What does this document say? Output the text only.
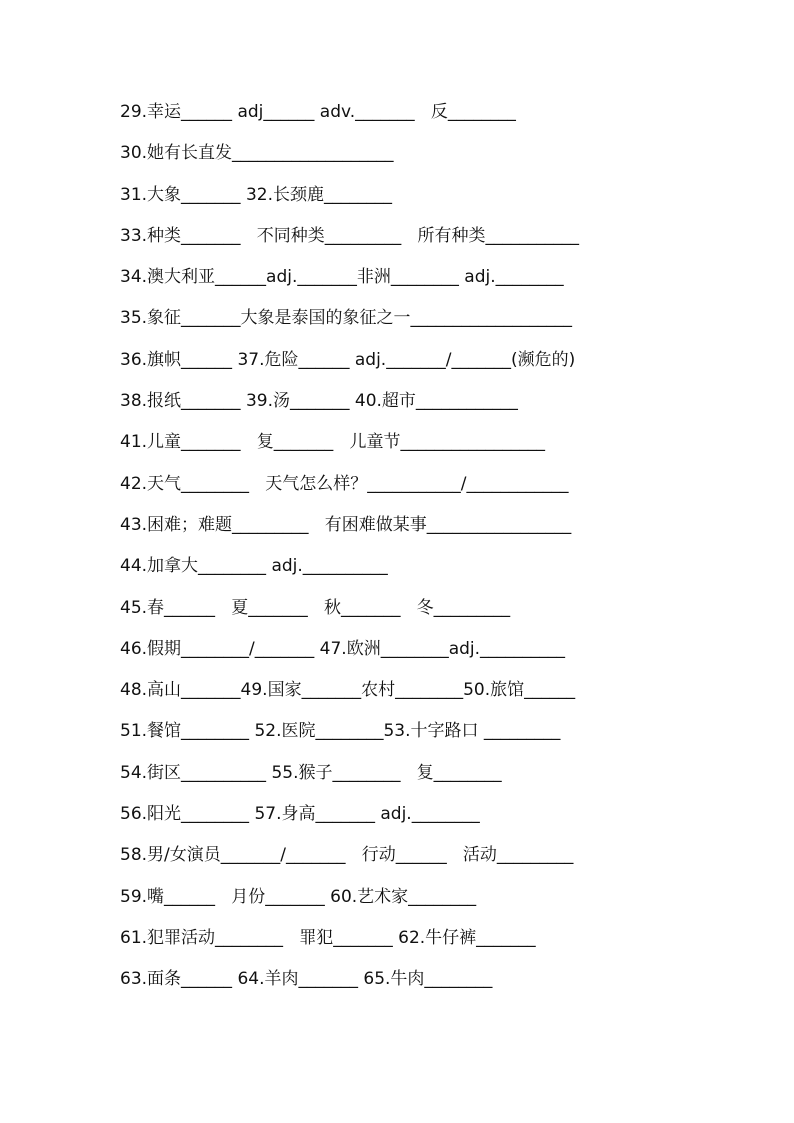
29.幸运______ adj______ adv._______   反________
30.她有长直发___________________
31.大象_______ 32.长颈鹿________
33.种类_______   不同种类_________   所有种类___________
34.澳大利亚______adj._______非洲________ adj.________
35.象征_______大象是泰国的象征之一___________________
36.旗帜______ 37.危险______ adj._______/_______(濒危的)
38.报纸_______ 39.汤_______ 40.超市____________
41.儿童_______   复_______   儿童节_________________
42.天气________   天气怎么样？___________/____________
43.困难；难题_________   有困难做某事_________________
44.加拿大________ adj.__________
45.春______   夏_______   秋_______   冬_________
46.假期________/_______ 47.欧洲________adj.__________
48.高山_______49.国家_______农村________50.旅馆______
51.餐馆________ 52.医院________53.十字路口 _________
54.街区__________ 55.猴子________   复________
56.阳光________ 57.身高_______ adj.________
58.男/女演员_______/_______   行动______   活动_________
59.嘴______   月份_______ 60.艺术家________
61.犯罪活动________   罪犯_______ 62.牛仔裤_______
63.面条______ 64.羊肉_______ 65.牛肉________
